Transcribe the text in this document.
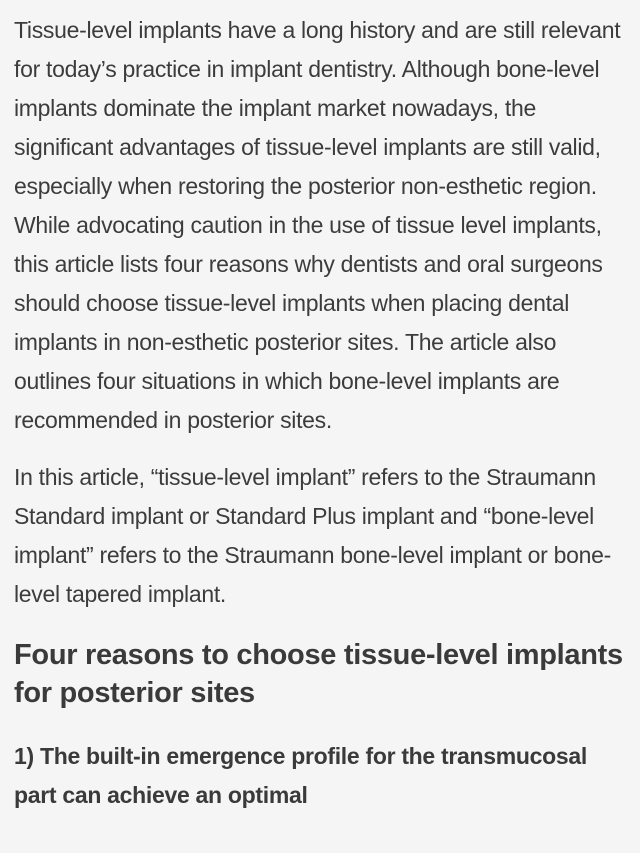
Tissue-level implants have a long history and are still relevant for today’s practice in implant dentistry. Although bone-level implants dominate the implant market nowadays, the significant advantages of tissue-level implants are still valid, especially when restoring the posterior non-esthetic region. While advocating caution in the use of tissue level implants, this article lists four reasons why dentists and oral surgeons should choose tissue-level implants when placing dental implants in non-esthetic posterior sites. The article also outlines four situations in which bone-level implants are recommended in posterior sites.

In this article, “tissue-level implant” refers to the Straumann Standard implant or Standard Plus implant and “bone-level implant” refers to the Straumann bone-level implant or bone-level tapered implant.

Four reasons to choose tissue-level implants for posterior sites
1) The built-in emergence profile for the transmucosal part can achieve an optimal
